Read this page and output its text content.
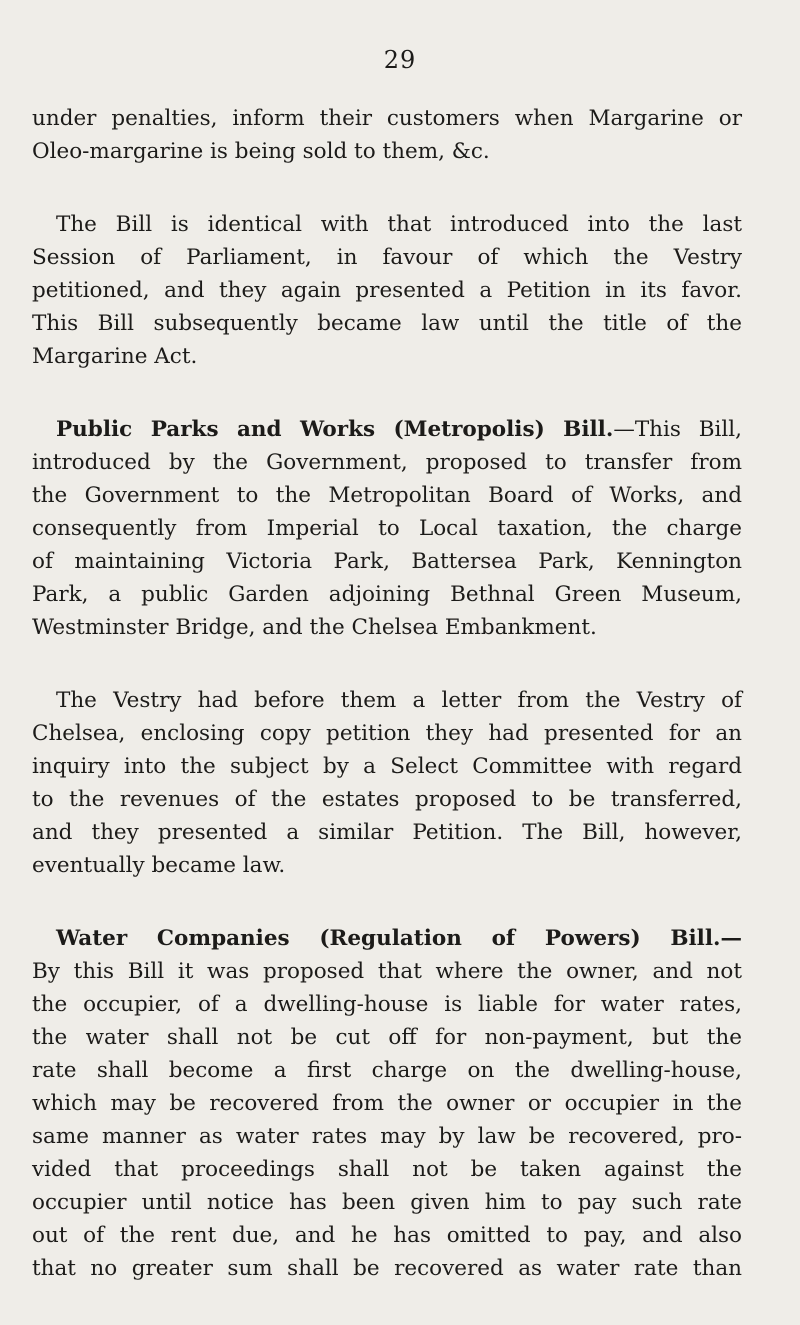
29
under penalties, inform their customers when Margarine or
Oleo-margarine is being sold to them, &c.
The Bill is identical with that introduced into the last
Session of Parliament, in favour of which the Vestry
petitioned, and they again presented a Petition in its favor.
This Bill subsequently became law until the title of the
Margarine Act.
Public Parks and Works (Metropolis) Bill.—This Bill,
introduced by the Government, proposed to transfer from
the Government to the Metropolitan Board of Works, and
consequently from Imperial to Local taxation, the charge
of maintaining Victoria Park, Battersea Park, Kennington
Park, a public Garden adjoining Bethnal Green Museum,
Westminster Bridge, and the Chelsea Embankment.
The Vestry had before them a letter from the Vestry of
Chelsea, enclosing copy petition they had presented for an
inquiry into the subject by a Select Committee with regard
to the revenues of the estates proposed to be transferred,
and they presented a similar Petition. The Bill, however,
eventually became law.
Water Companies (Regulation of Powers) Bill.—
By this Bill it was proposed that where the owner, and not
the occupier, of a dwelling-house is liable for water rates,
the water shall not be cut off for non-payment, but the
rate shall become a first charge on the dwelling-house,
which may be recovered from the owner or occupier in the
same manner as water rates may by law be recovered, pro-
vided that proceedings shall not be taken against the
occupier until notice has been given him to pay such rate
out of the rent due, and he has omitted to pay, and also
that no greater sum shall be recovered as water rate than
